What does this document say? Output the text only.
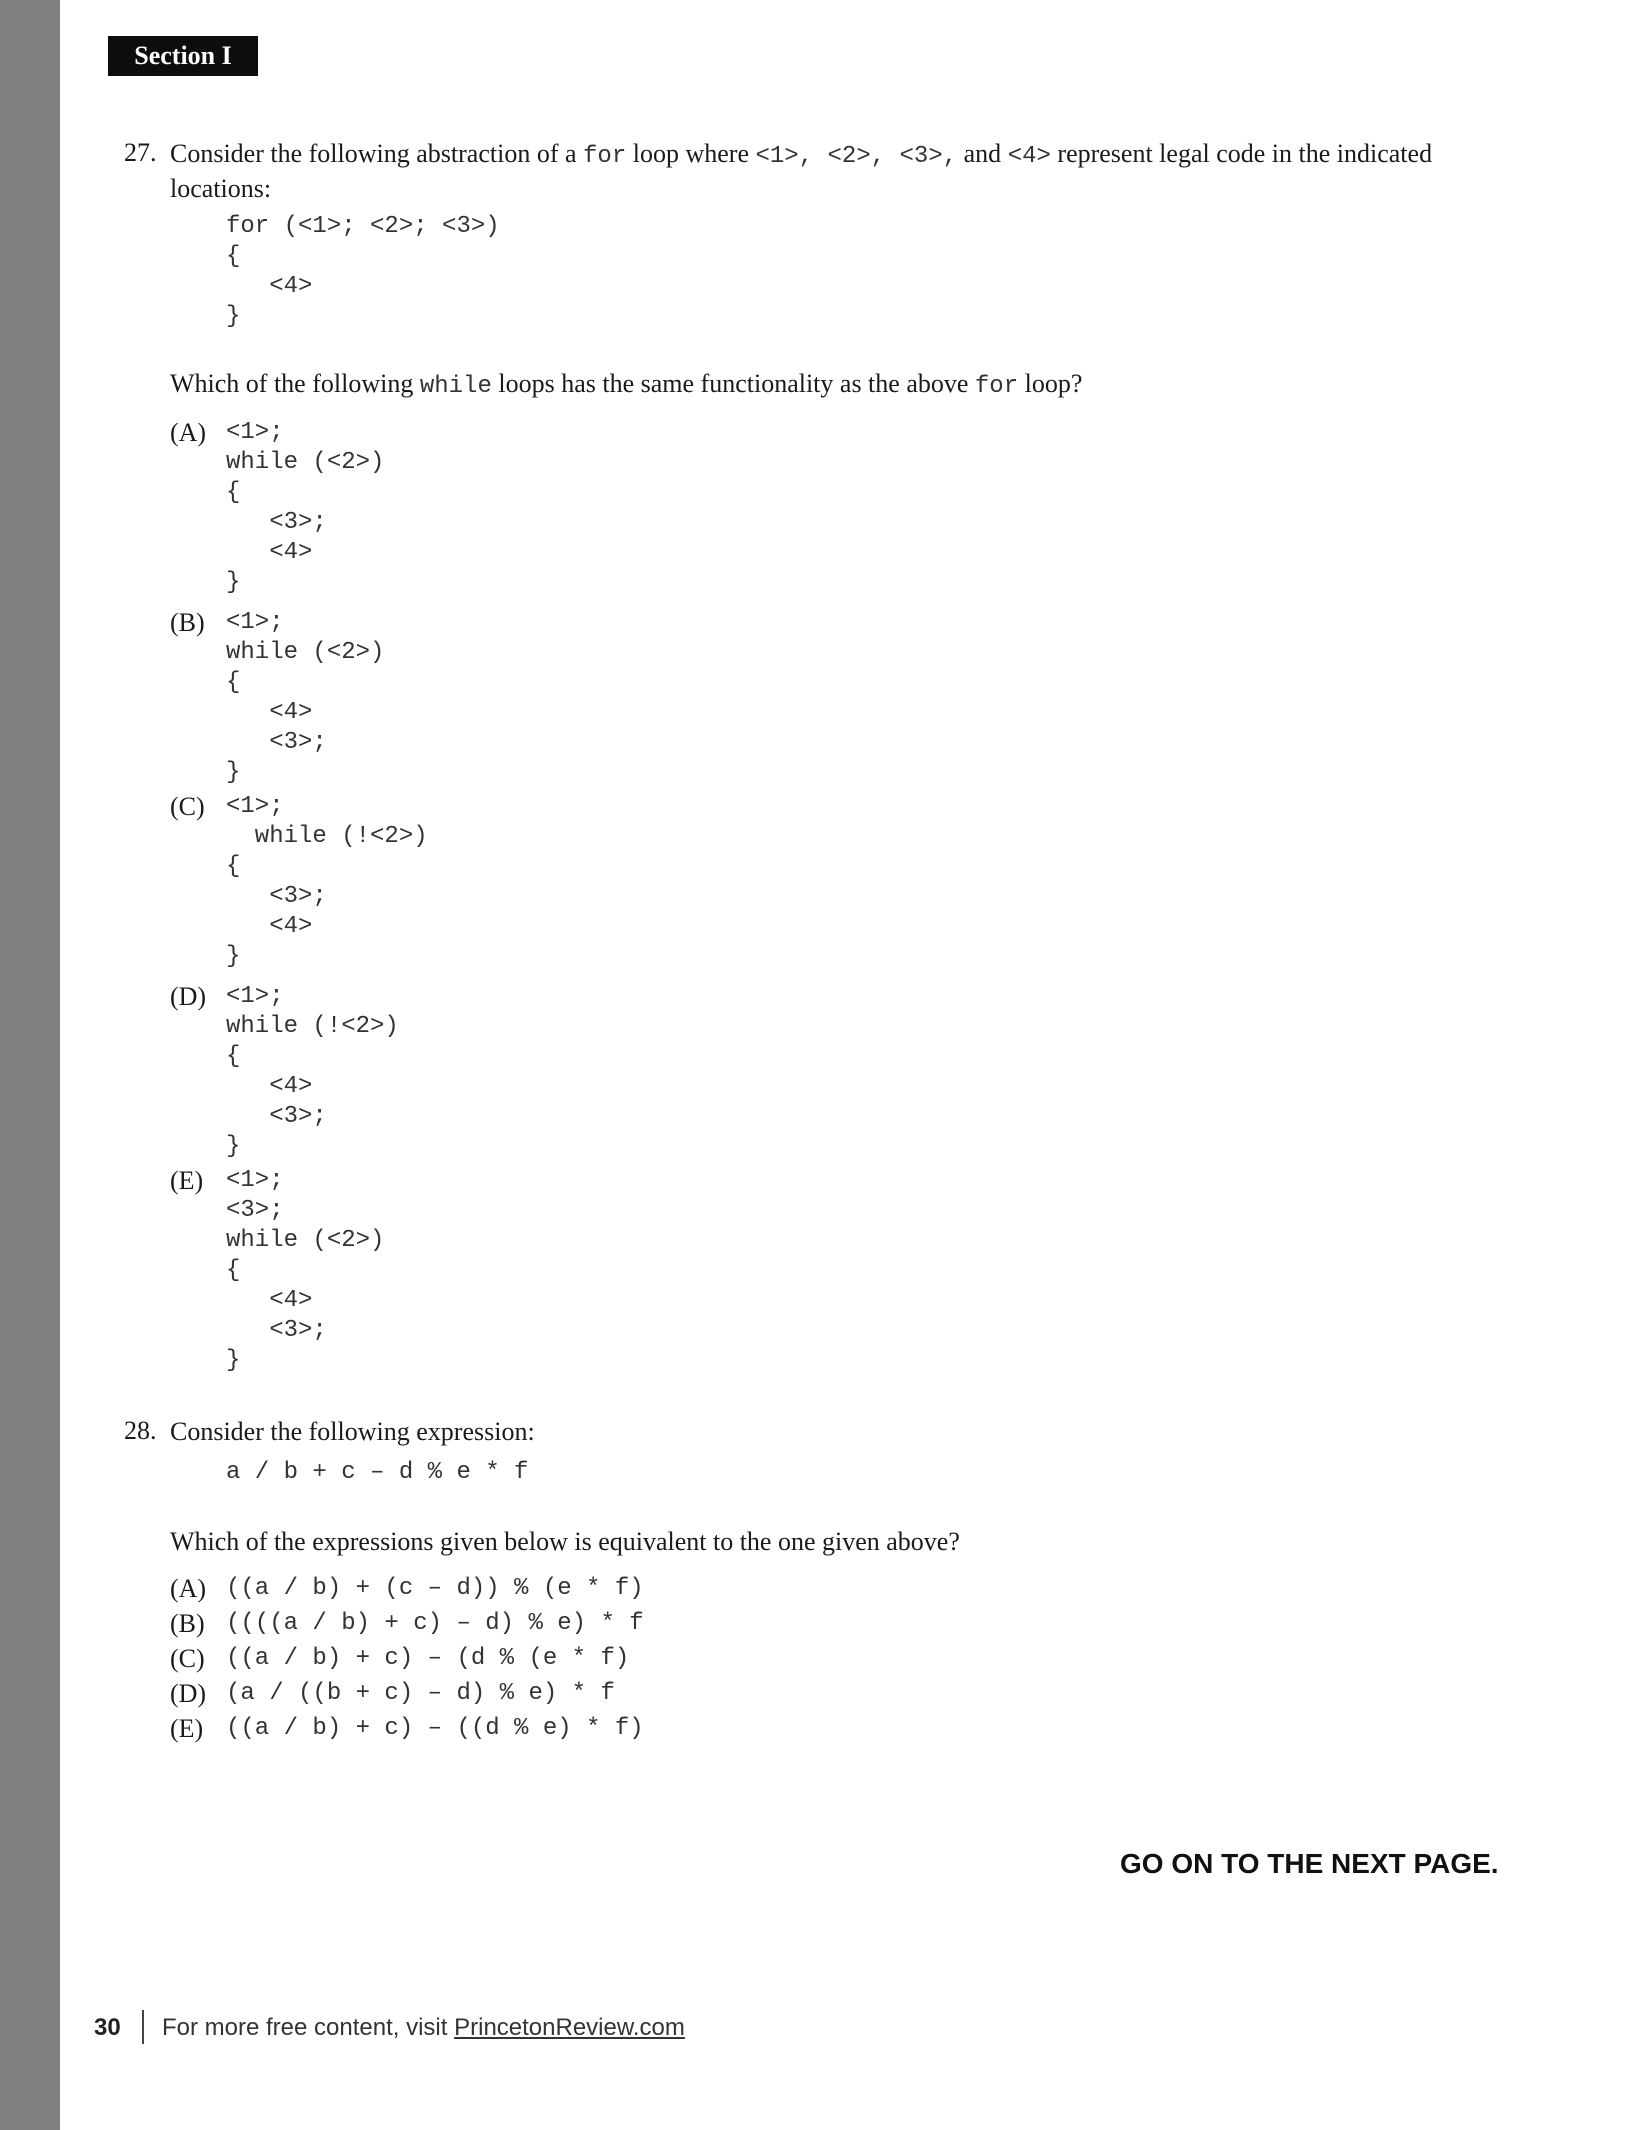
Section I
27. Consider the following abstraction of a for loop where <1>, <2>, <3>, and <4> represent legal code in the indicated locations:
for (<1>; <2>; <3>)
{
<4>
}
Which of the following while loops has the same functionality as the above for loop?
(A) <1>;
while (<2>)
{
<3>;
<4>
}
(B) <1>;
while (<2>)
{
<4>
<3>;
}
(C) <1>;
while (!<2>)
{
<3>;
<4>
}
(D) <1>;
while (!<2>)
{
<4>
<3>;
}
(E) <1>;
<3>;
while (<2>)
{
<4>
<3>;
}
28. Consider the following expression:
a / b + c – d % e * f
Which of the expressions given below is equivalent to the one given above?
(A) ((a / b) + (c – d)) % (e * f)
(B) ((((a / b) + c) – d) % e) * f
(C) ((a / b) + c) – (d % (e * f)
(D) (a / ((b + c) – d) % e) * f
(E) ((a / b) + c) – ((d % e) * f)
GO ON TO THE NEXT PAGE.
30 For more free content, visit PrincetonReview.com
